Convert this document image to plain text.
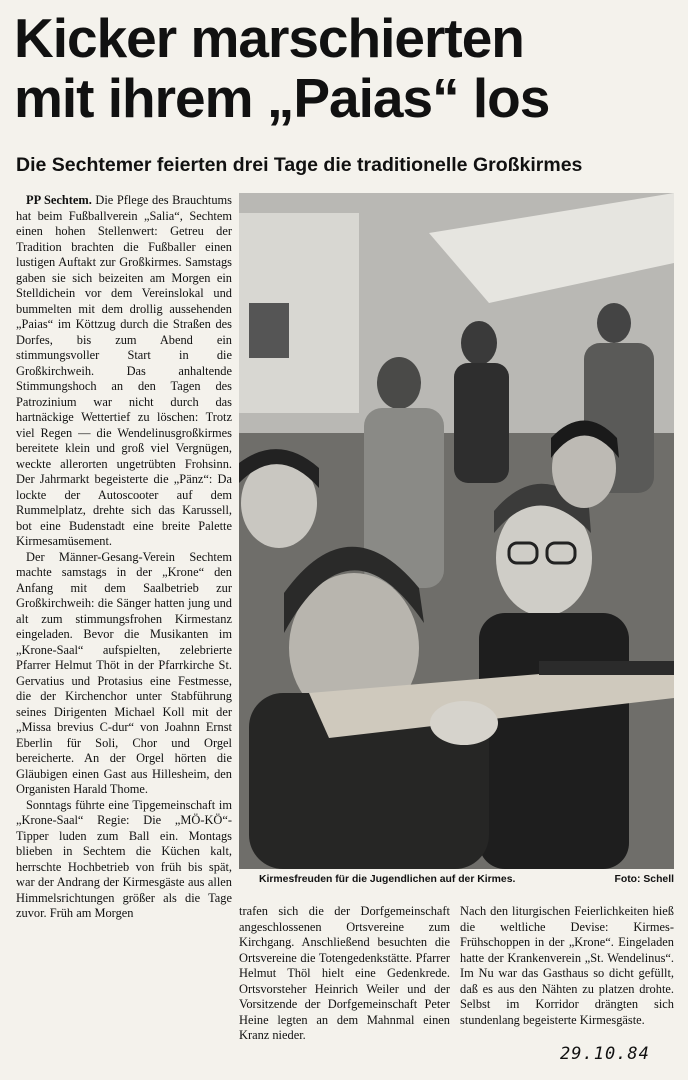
Kicker marschierten
mit ihrem „Paias“ los
Die Sechtemer feierten drei Tage die traditionelle Großkirmes

PP Sechtem. Die Pflege des Brauchtums hat beim Fußballverein „Salia“, Sechtem einen hohen Stellenwert: Getreu der Tradition brachten die Fußballer einen lustigen Auftakt zur Großkirmes. Samstags gaben sie sich beizeiten am Morgen ein Stelldichein vor dem Vereinslokal und bummelten mit dem drollig aussehenden „Paias“ im Köttzug durch die Straßen des Dorfes, bis zum Abend ein stimmungsvoller Start in die Großkirchweih. Das anhaltende Stimmungshoch an den Tagen des Patrozinium war nicht durch das hartnäckige Wettertief zu löschen: Trotz viel Regen — die Wendelinusgroßkirmes bereitete klein und groß viel Vergnügen, weckte allerorten ungetrübten Frohsinn. Der Jahrmarkt begeisterte die „Pänz“: Da lockte der Autoscooter auf dem Rummelplatz, drehte sich das Karussell, bot eine Budenstadt eine breite Palette Kirmesamüsement.

Der Männer-Gesang-Verein Sechtem machte samstags in der „Krone“ den Anfang mit dem Saalbetrieb zur Großkirchweih: die Sänger hatten jung und alt zum stimmungsfrohen Kirmestanz eingeladen. Bevor die Musikanten im „Krone-Saal“ aufspielten, zelebrierte Pfarrer Helmut Thöt in der Pfarrkirche St. Gervatius und Protasius eine Festmesse, die der Kirchenchor unter Stabführung seines Dirigenten Michael Koll mit der „Missa brevius C-dur“ von Joahnn Ernst Eberlin für Soli, Chor und Orgel bereicherte. An der Orgel hörten die Gläubigen einen Gast aus Hillesheim, den Organisten Harald Thome.

Sonntags führte eine Tipgemeinschaft im „Krone-Saal“ Regie: Die „MÖ-KÖ“-Tipper luden zum Ball ein. Montags blieben in Sechtem die Küchen kalt, herrschte Hochbetrieb von früh bis spät, war der Andrang der Kirmesgäste aus allen Himmelsrichtungen größer als die Tage zuvor. Früh am Morgen

Kirmesfreuden für die Jugendlichen auf der Kirmes.	Foto: Schell

trafen sich die der Dorfgemeinschaft angeschlossenen Ortsvereine zum Kirchgang. Anschließend besuchten die Ortsvereine die Totengedenkstätte. Pfarrer Helmut Thöl hielt eine Gedenkrede. Ortsvorsteher Heinrich Weiler und der Vorsitzende der Dorfgemeinschaft Peter Heine legten an dem Mahnmal einen Kranz nieder.

Nach den liturgischen Feierlichkeiten hieß die weltliche Devise: Kirmes-Frühschoppen in der „Krone“. Eingeladen hatte der Krankenverein „St. Wendelinus“. Im Nu war das Gasthaus so dicht gefüllt, daß es aus den Nähten zu platzen drohte. Selbst im Korridor drängten sich stundenlang begeisterte Kirmesgäste.

29.10.84
